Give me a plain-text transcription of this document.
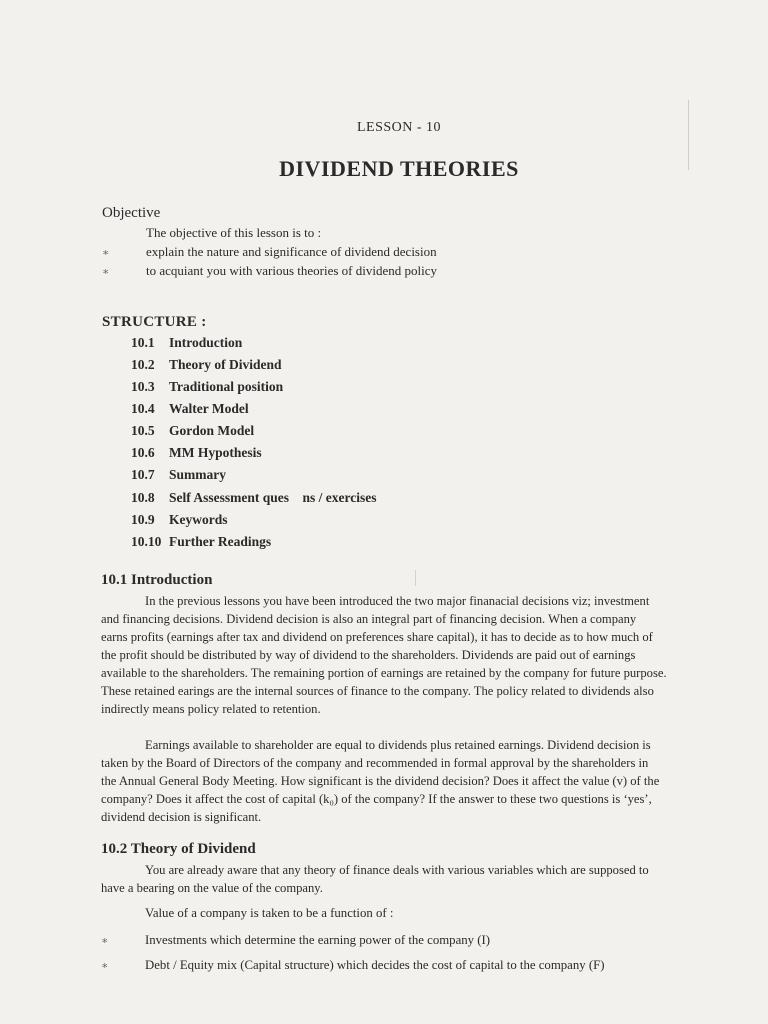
LESSON - 10
DIVIDEND THEORIES
Objective
The objective of this lesson is to :
∗	explain the nature and significance of dividend decision
∗	to acquiant you with various theories of dividend policy
STRUCTURE :
10.1 Introduction
10.2 Theory of Dividend
10.3 Traditional position
10.4 Walter Model
10.5 Gordon Model
10.6 MM Hypothesis
10.7 Summary
10.8 Self Assessment ques    ns / exercises
10.9 Keywords
10.10 Further Readings
10.1 Introduction
In the previous lessons you have been introduced the two major finanacial decisions viz; investment
and financing decisions. Dividend decision is also an integral part of financing decision. When a company
earns profits (earnings after tax and dividend on preferences share capital), it has to decide as to how much of
the profit should be distributed by way of dividend to the shareholders. Dividends are paid out of earnings
available to the shareholders. The remaining portion of earnings are retained by the company for future purpose.
These retained earings are the internal sources of finance to the company. The policy related to dividends also
indirectly means policy related to retention.
Earnings available to shareholder are equal to dividends plus retained earnings. Dividend decision is
taken by the Board of Directors of the company and recommended in formal approval by the shareholders in
the Annual General Body Meeting. How significant is the dividend decision? Does it affect the value (v) of the
company? Does it affect the cost of capital (k₀) of the company? If the answer to these two questions is ‘yes’,
dividend decision is significant.
10.2 Theory of Dividend
You are already aware that any theory of finance deals with various variables which are supposed to
have a bearing on the value of the company.
Value of a company is taken to be a function of :
∗	Investments which determine the earning power of the company (I)
∗	Debt / Equity mix (Capital structure) which decides the cost of capital to the company (F)
